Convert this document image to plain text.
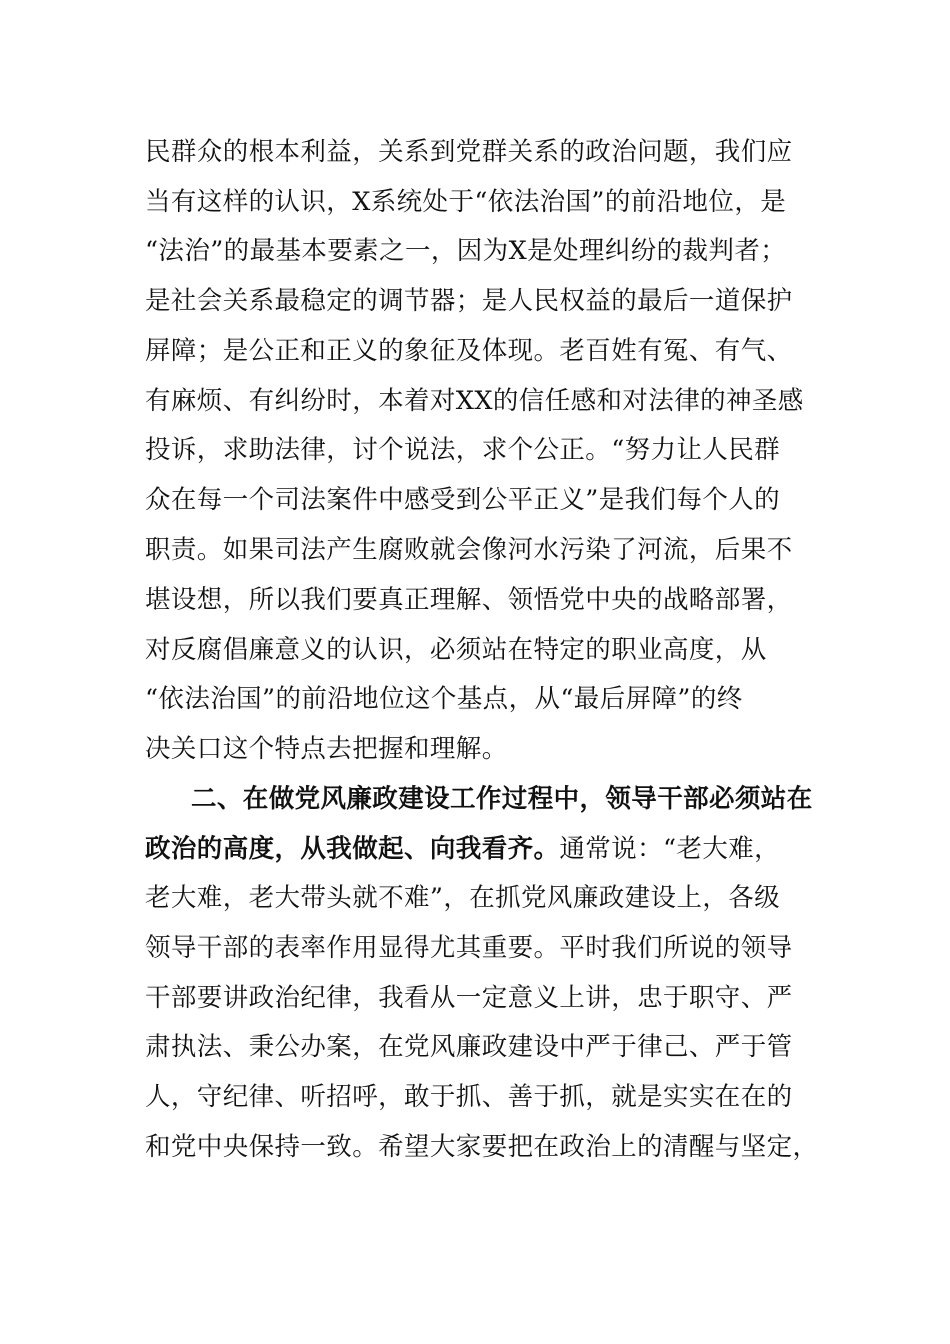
民群众的根本利益，关系到党群关系的政治问题，我们应
当有这样的认识，X系统处于“依法治国”的前沿地位，是
“法治”的最基本要素之一，因为X是处理纠纷的裁判者；
是社会关系最稳定的调节器；是人民权益的最后一道保护
屏障；是公正和正义的象征及体现。老百姓有冤、有气、
有麻烦、有纠纷时，本着对XX的信任感和对法律的神圣感
投诉，求助法律，讨个说法，求个公正。“努力让人民群
众在每一个司法案件中感受到公平正义”是我们每个人的
职责。如果司法产生腐败就会像河水污染了河流，后果不
堪设想，所以我们要真正理解、领悟党中央的战略部署，
对反腐倡廉意义的认识，必须站在特定的职业高度，从
“依法治国”的前沿地位这个基点，从“最后屏障”的终
决关口这个特点去把握和理解。
二、在做党风廉政建设工作过程中，领导干部必须站在
政治的高度，从我做起、向我看齐。通常说：“老大难，
老大难，老大带头就不难”，在抓党风廉政建设上，各级
领导干部的表率作用显得尤其重要。平时我们所说的领导
干部要讲政治纪律，我看从一定意义上讲，忠于职守、严
肃执法、秉公办案，在党风廉政建设中严于律己、严于管
人，守纪律、听招呼，敢于抓、善于抓，就是实实在在的
和党中央保持一致。希望大家要把在政治上的清醒与坚定，
